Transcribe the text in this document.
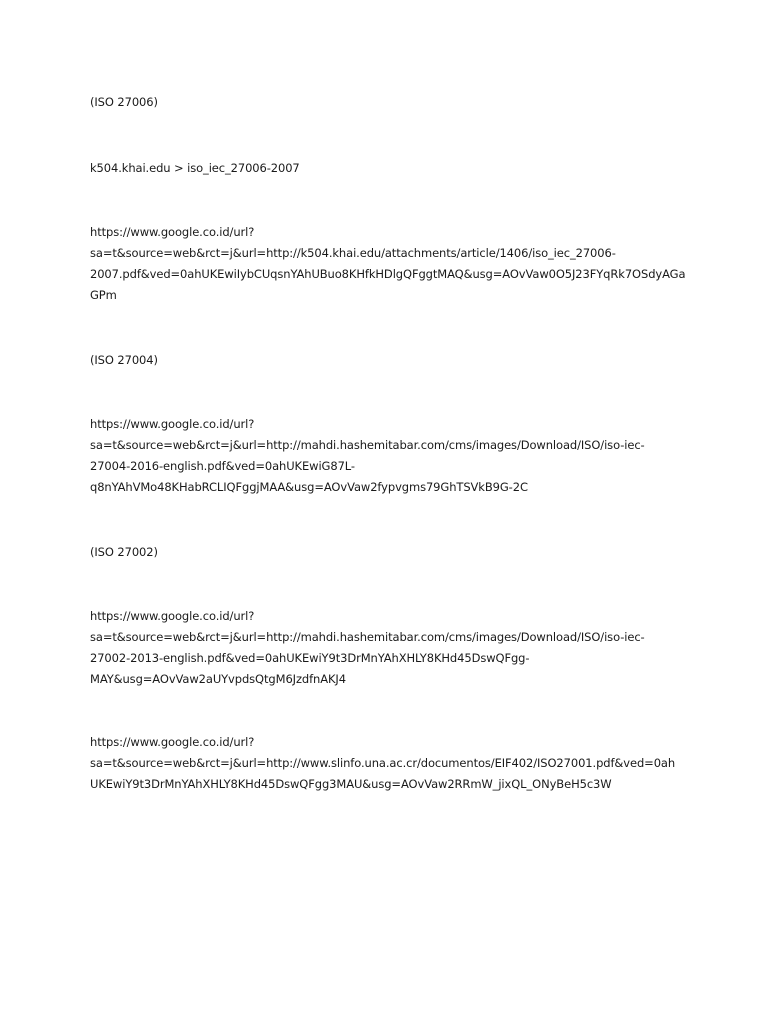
(ISO 27006)
k504.khai.edu > iso_iec_27006-2007
https://www.google.co.id/url?
sa=t&source=web&rct=j&url=http://k504.khai.edu/attachments/article/1406/iso_iec_27006-
2007.pdf&ved=0ahUKEwiIybCUqsnYAhUBuo8KHfkHDlgQFggtMAQ&usg=AOvVaw0O5J23FYqRk7OSdyAGa
GPm
(ISO 27004)
https://www.google.co.id/url?
sa=t&source=web&rct=j&url=http://mahdi.hashemitabar.com/cms/images/Download/ISO/iso-iec-
27004-2016-english.pdf&ved=0ahUKEwiG87L-
q8nYAhVMo48KHabRCLIQFggjMAA&usg=AOvVaw2fypvgms79GhTSVkB9G-2C
(ISO 27002)
https://www.google.co.id/url?
sa=t&source=web&rct=j&url=http://mahdi.hashemitabar.com/cms/images/Download/ISO/iso-iec-
27002-2013-english.pdf&ved=0ahUKEwiY9t3DrMnYAhXHLY8KHd45DswQFgg-
MAY&usg=AOvVaw2aUYvpdsQtgM6JzdfnAKJ4
https://www.google.co.id/url?
sa=t&source=web&rct=j&url=http://www.slinfo.una.ac.cr/documentos/EIF402/ISO27001.pdf&ved=0ah
UKEwiY9t3DrMnYAhXHLY8KHd45DswQFgg3MAU&usg=AOvVaw2RRmW_jixQL_ONyBeH5c3W
